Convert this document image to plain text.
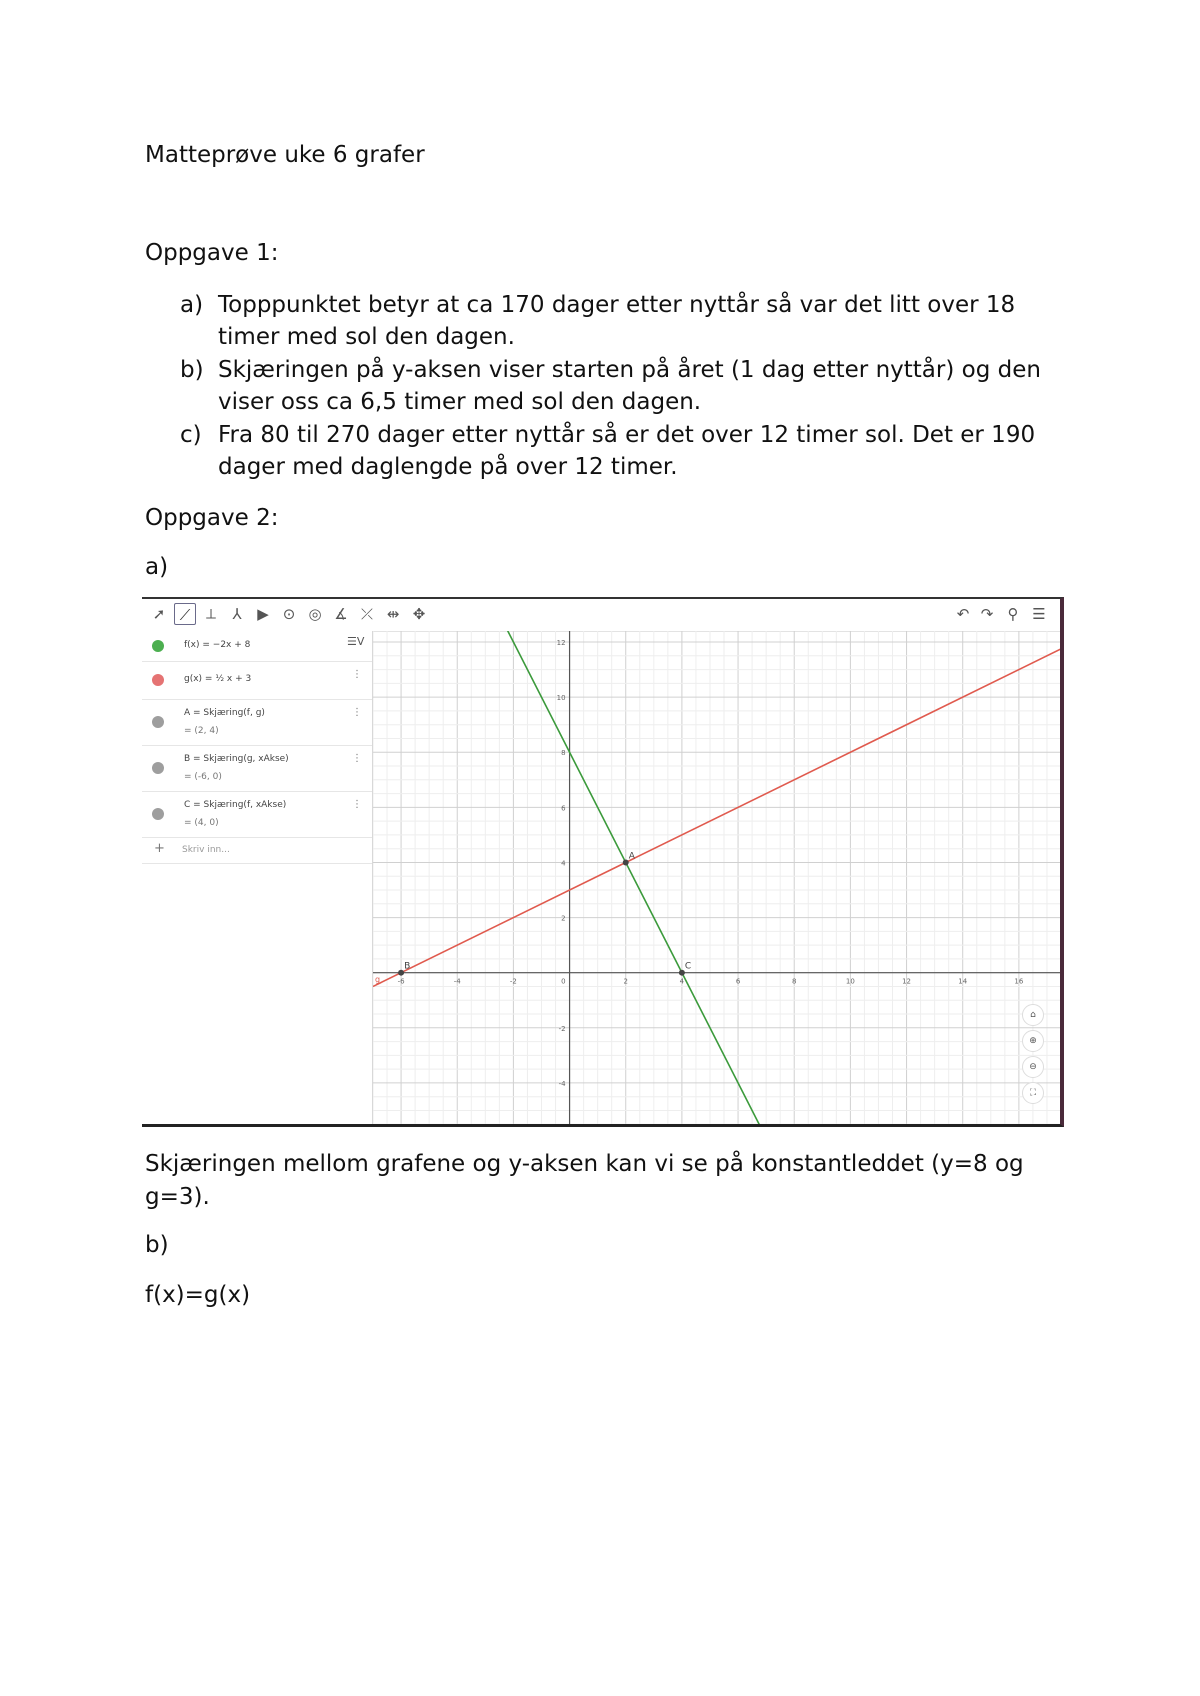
Matteprøve uke 6 grafer
Oppgave 1:
a) Topppunktet betyr at ca 170 dager etter nyttår så var det litt over 18 timer med sol den dagen.
b) Skjæringen på y-aksen viser starten på året (1 dag etter nyttår) og den viser oss ca 6,5 timer med sol den dagen.
c) Fra 80 til 270 dager etter nyttår så er det over 12 timer sol. Det er 190 dager med daglengde på over 12 timer.
Oppgave 2:
a)
➚ ⟋	⟂	⅄	▶ ⊙ ◎ ∡ ⤫ ⇹ ✥	↶ ↷ ⚲ ☰
☰V
f(x) = −2x + 8
g(x) = ½ x + 3	⋮
A = Skjæring(f, g)
= (2, 4)
⋮
B = Skjæring(g, xAkse)
= (-6, 0)
⋮
C = Skjæring(f, xAkse)
= (4, 0)
⋮
+ Skriv inn...
-6	-4	-2	2	4	6	8	10	12	14	16
0
-4
-2
2
4
6
8
10
12
A
B	C
g
⌂
⊕
⊖
⛶
Skjæringen mellom grafene og y-aksen kan vi se på konstantleddet (y=8 og g=3).
b)
f(x)=g(x)
